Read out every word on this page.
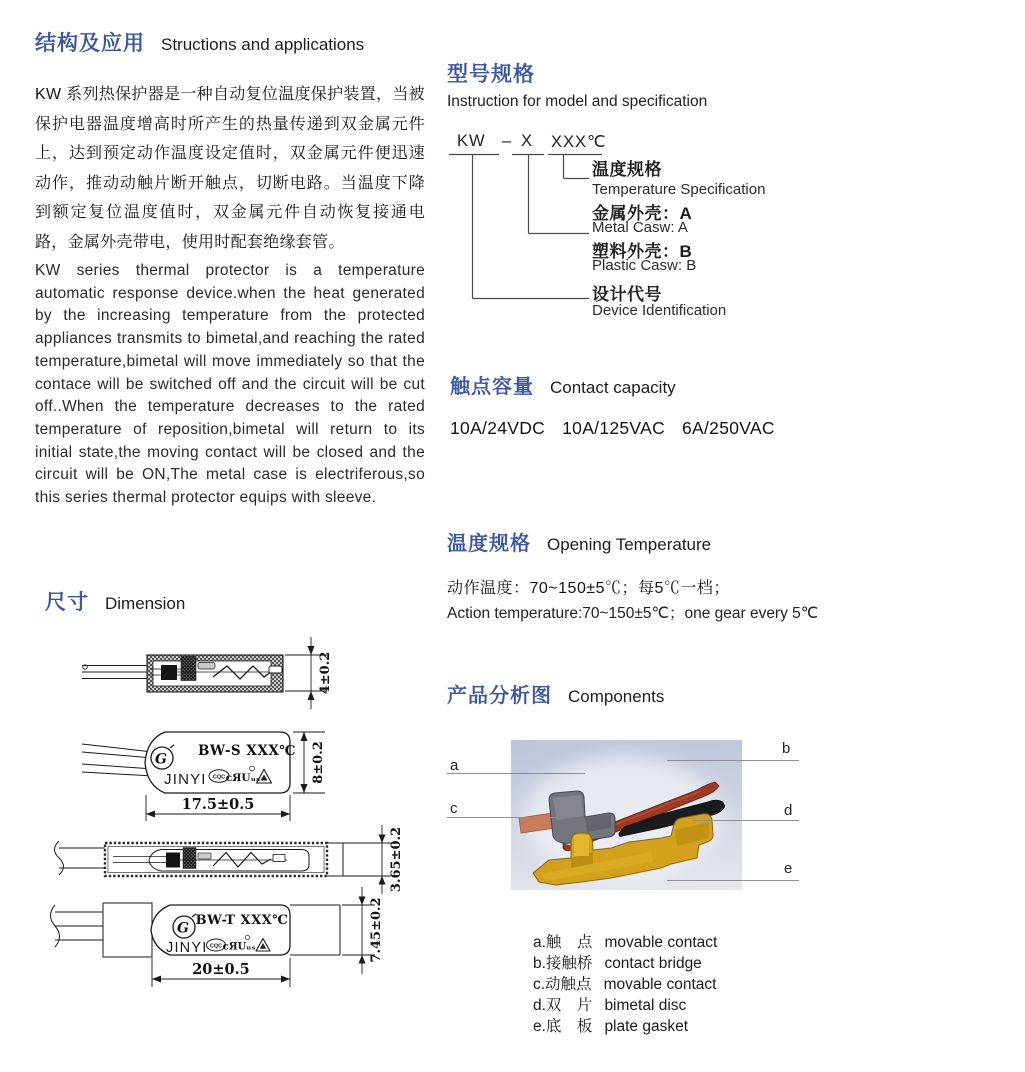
结构及应用 Structions and applications
KW 系列热保护器是一种自动复位温度保护装置，当被保护电器温度增高时所产生的热量传递到双金属元件上，达到预定动作温度设定值时，双金属元件便迅速动作，推动动触片断开触点，切断电路。当温度下降到额定复位温度值时，双金属元件自动恢复接通电路，金属外壳带电，使用时配套绝缘套管。
KW series thermal protector is a temperature automatic response device.when the heat generated by the increasing temperature from the protected appliances transmits to bimetal,and reaching the rated temperature,bimetal will move immediately so that the contace will be switched off and the circuit will be cut off..When the temperature decreases to the rated temperature of reposition,bimetal will return to its initial state,the moving contact will be closed and the circuit will be ON,The metal case is electriferous,so this series thermal protector equips with sleeve.
尺寸 Dimension
4±0.2
G
BW-S XXX℃
JINYI CQC ᴄЯUᵤₛ	8±0.2
17.5±0.5
3.65±0.2
G BW-T XXX℃
JINYI CQC ᴄЯUᵤₛ
20±0.5
7.45±0.2
型号规格
Instruction for model and specification
KW – X XXX℃
温度规格
Temperature Specification
金属外壳：A
Metal Casw: A
塑料外壳：B
Plastic Casw: B
设计代号
Device Identification
触点容量 Contact capacity
10A/24VDC 10A/125VAC 6A/250VAC
温度规格 Opening Temperature
动作温度：70~150±5℃；每5℃一档；
Action temperature:70~150±5℃；one gear every 5℃
产品分析图 Components
a
c
b
d
e
a.触　点 movable contact
b.接触桥 contact bridge
c.动触点 movable contact
d.双　片 bimetal disc
e.底　板 plate gasket
